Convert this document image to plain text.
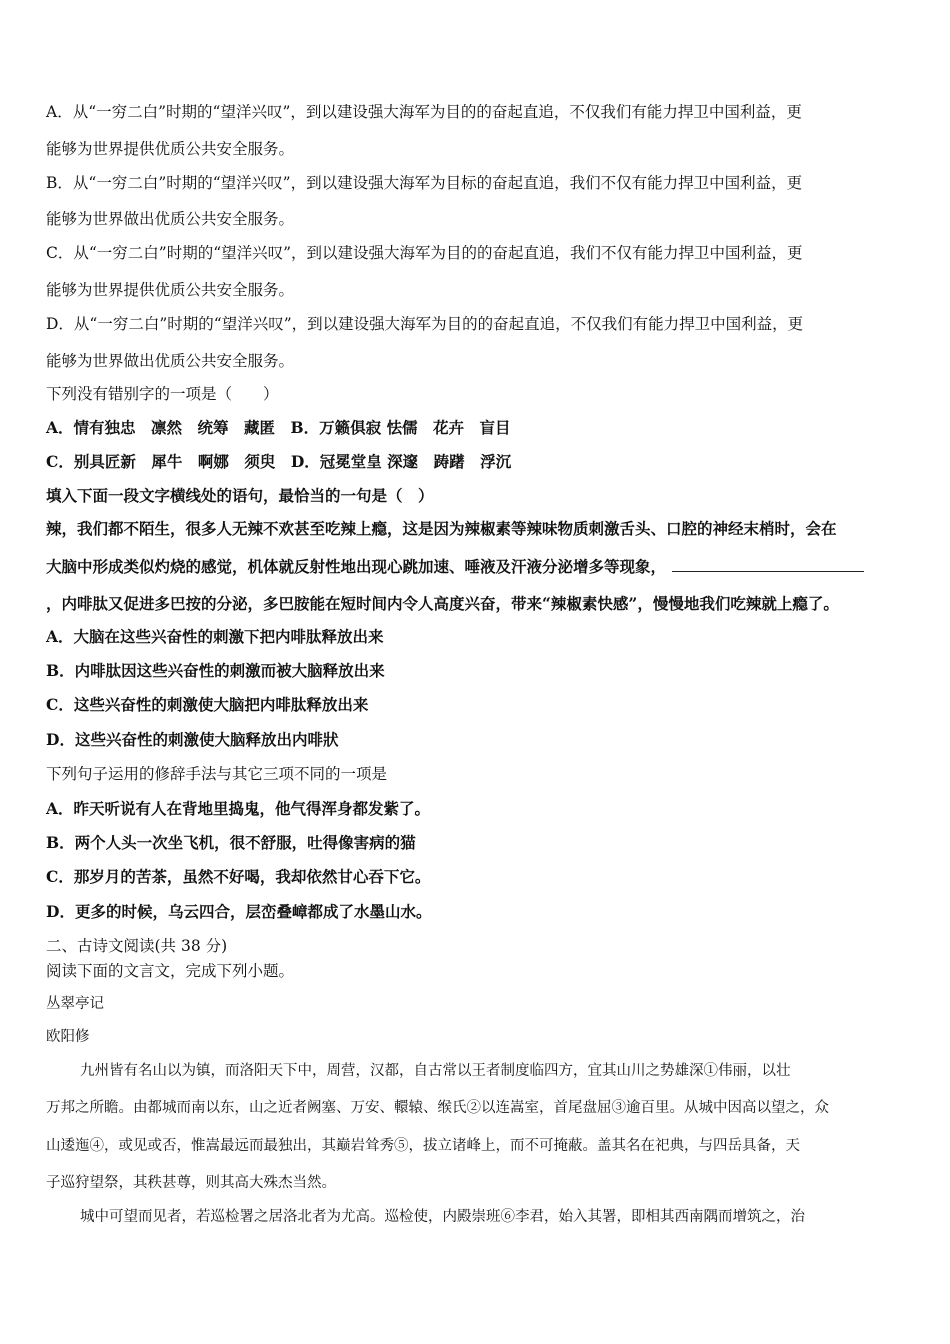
A．从“一穷二白”时期的“望洋兴叹”，到以建设强大海军为目的的奋起直追，不仅我们有能力捍卫中国利益，更
能够为世界提供优质公共安全服务。
B．从“一穷二白”时期的“望洋兴叹”，到以建设强大海军为目标的奋起直追，我们不仅有能力捍卫中国利益，更
能够为世界做出优质公共安全服务。
C．从“一穷二白”时期的“望洋兴叹”，到以建设强大海军为目的的奋起直追，我们不仅有能力捍卫中国利益，更
能够为世界提供优质公共安全服务。
D．从“一穷二白”时期的“望洋兴叹”，到以建设强大海军为目的的奋起直追，不仅我们有能力捍卫中国利益，更
能够为世界做出优质公共安全服务。
下列没有错别字的一项是（　　）
A．情有独忠　凛然　统筹　藏匿　B．万籁俱寂 怯儒　花卉　盲目
C．别具匠新　犀牛　啊娜　须臾　D．冠冕堂皇 深邃　踌躇　浮沉
填入下面一段文字横线处的语句，最恰当的一句是（　）
辣，我们都不陌生，很多人无辣不欢甚至吃辣上瘾，这是因为辣椒素等辣味物质刺激舌头、口腔的神经末梢时，会在
大脑中形成类似灼烧的感觉，机体就反射性地出现心跳加速、唾液及汗液分泌增多等现象，
，内啡肽又促进多巴按的分泌，多巴胺能在短时间内令人高度兴奋，带来“辣椒素快感”，慢慢地我们吃辣就上瘾了。
A．大脑在这些兴奋性的刺激下把内啡肽释放出来
B．内啡肽因这些兴奋性的刺激而被大脑释放出来
C．这些兴奋性的刺激使大脑把内啡肽释放出来
D．这些兴奋性的刺激使大脑释放出内啡狀
下列句子运用的修辞手法与其它三项不同的一项是
A．昨天听说有人在背地里捣鬼，他气得浑身都发紫了。
B．两个人头一次坐飞机，很不舒服，吐得像害病的猫
C．那岁月的苦茶，虽然不好喝，我却依然甘心吞下它。
D．更多的时候，乌云四合，层峦叠嶂都成了水墨山水。
二、古诗文阅读(共 38 分)
阅读下面的文言文，完成下列小题。
丛翠亭记
欧阳修
九州皆有名山以为镇，而洛阳天下中，周营，汉都，自古常以王者制度临四方，宜其山川之势雄深①伟丽，以壮
万邦之所瞻。由都城而南以东，山之近者阙塞、万安、轘辕、缑氏②以连嵩室，首尾盘屈③逾百里。从城中因高以望之，众
山逶迤④，或见或否，惟嵩最远而最独出，其巅岩耸秀⑤，拔立诸峰上，而不可掩蔽。盖其名在祀典，与四岳具备，天
子巡狩望祭，其秩甚尊，则其高大殊杰当然。
城中可望而见者，若巡检署之居洛北者为尤高。巡检使，内殿崇班⑥李君，始入其署，即相其西南隅而增筑之，治
